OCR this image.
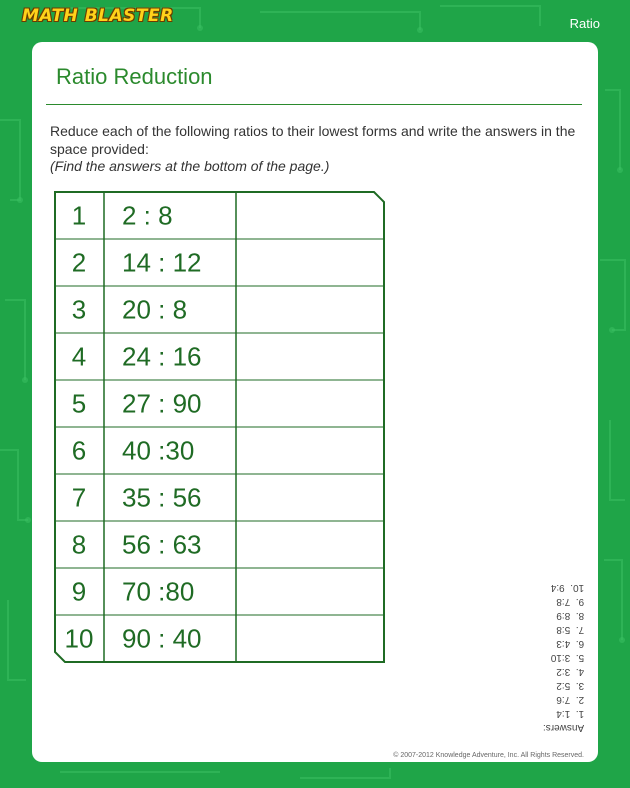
MATH BLASTER	Ratio
Ratio Reduction

Reduce each of the following ratios to their lowest forms and write the answers in the space provided:

(Find the answers at the bottom of the page.)

1 2 : 8
2 14 : 12
3 20 : 8
4 24 : 16
5 27 : 90
6 40 :30
7 35 : 56
8 56 : 63
9 70 :80
10 90 : 40
Answers:
1.  1:4
2.  7:6
3.  5:2
4.  3:2
5.  3:10
6.  4:3
7.  5:8
8.  8:9
9.  7:8
10.  9:4
© 2007-2012 Knowledge Adventure, Inc. All Rights Reserved.
